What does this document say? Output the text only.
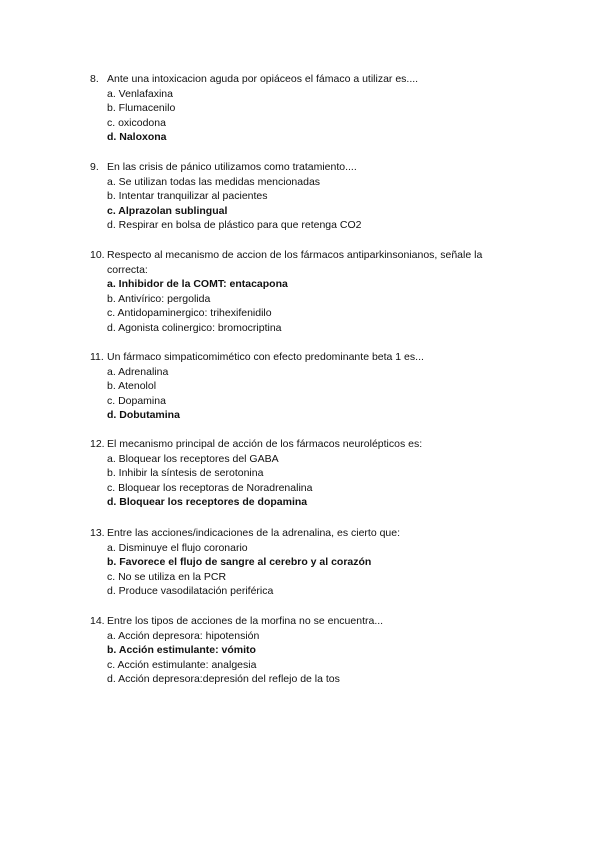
8. Ante una intoxicacion aguda por opiáceos el fámaco a utilizar es....
a. Venlafaxina
b. Flumacenilo
c. oxicodona
d. Naloxona
9. En las crisis de pánico utilizamos como tratamiento....
a. Se utilizan todas las medidas mencionadas
b. Intentar tranquilizar al pacientes
c. Alprazolan sublingual
d. Respirar en bolsa de plástico para que retenga CO2
10. Respecto al mecanismo de accion de los fármacos antiparkinsonianos, señale la
correcta:
a. Inhibidor de la COMT: entacapona
b. Antivírico: pergolida
c. Antidopaminergico: trihexifenidilo
d. Agonista colinergico: bromocriptina
11. Un fármaco simpaticomimético con efecto predominante beta 1 es...
a. Adrenalina
b. Atenolol
c. Dopamina
d. Dobutamina
12. El mecanismo principal de acción de los fármacos neurolépticos es:
a. Bloquear los receptores del GABA
b. Inhibir la síntesis de serotonina
c. Bloquear los receptoras de Noradrenalina
d. Bloquear los receptores de dopamina
13. Entre las acciones/indicaciones de la adrenalina, es cierto que:
a. Disminuye el flujo coronario
b. Favorece el flujo de sangre al cerebro y al corazón
c. No se utiliza en la PCR
d. Produce vasodilatación periférica
14. Entre los tipos de acciones de la morfina no se encuentra...
a. Acción depresora: hipotensión
b. Acción estimulante: vómito
c. Acción estimulante: analgesia
d. Acción depresora:depresión del reflejo de la tos
